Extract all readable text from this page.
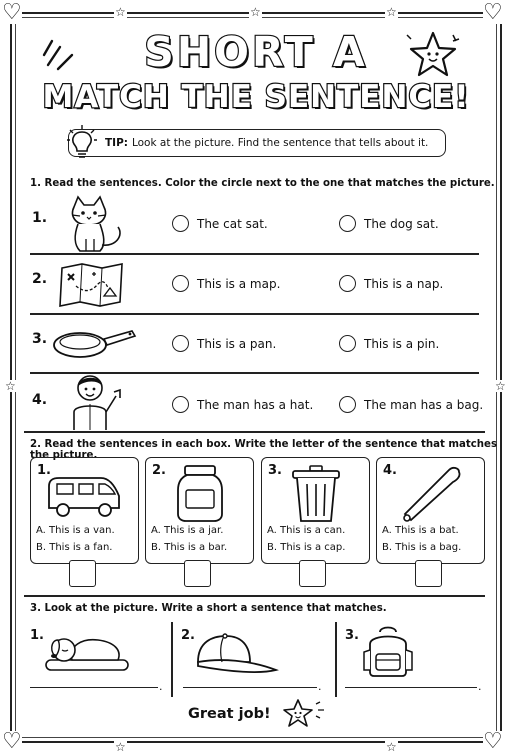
♡	♡
♡	♡
☆	☆	☆
☆	☆
☆	☆
SHORT A
MATCH THE SENTENCE!
TIP: Look at the picture. Find the sentence that tells about it.
1. Read the sentences. Color the circle next to the one that matches the picture.
1.	The cat sat.	The dog sat.
2.	This is a map.	This is a nap.
3.	This is a pan.	This is a pin.
4.	The man has a hat.	The man has a bag.
2. Read the sentences in each box. Write the letter of the sentence that matches the picture.
1.
A. This is a van.
B. This is a fan.
2.
A. This is a jar.
B. This is a bar.
3.
A. This is a can.
B. This is a cap.
4.
A. This is a bat.
B. This is a bag.
3. Look at the picture. Write a short a sentence that matches.
1.
.
2.
.
3.
.
Great job!
